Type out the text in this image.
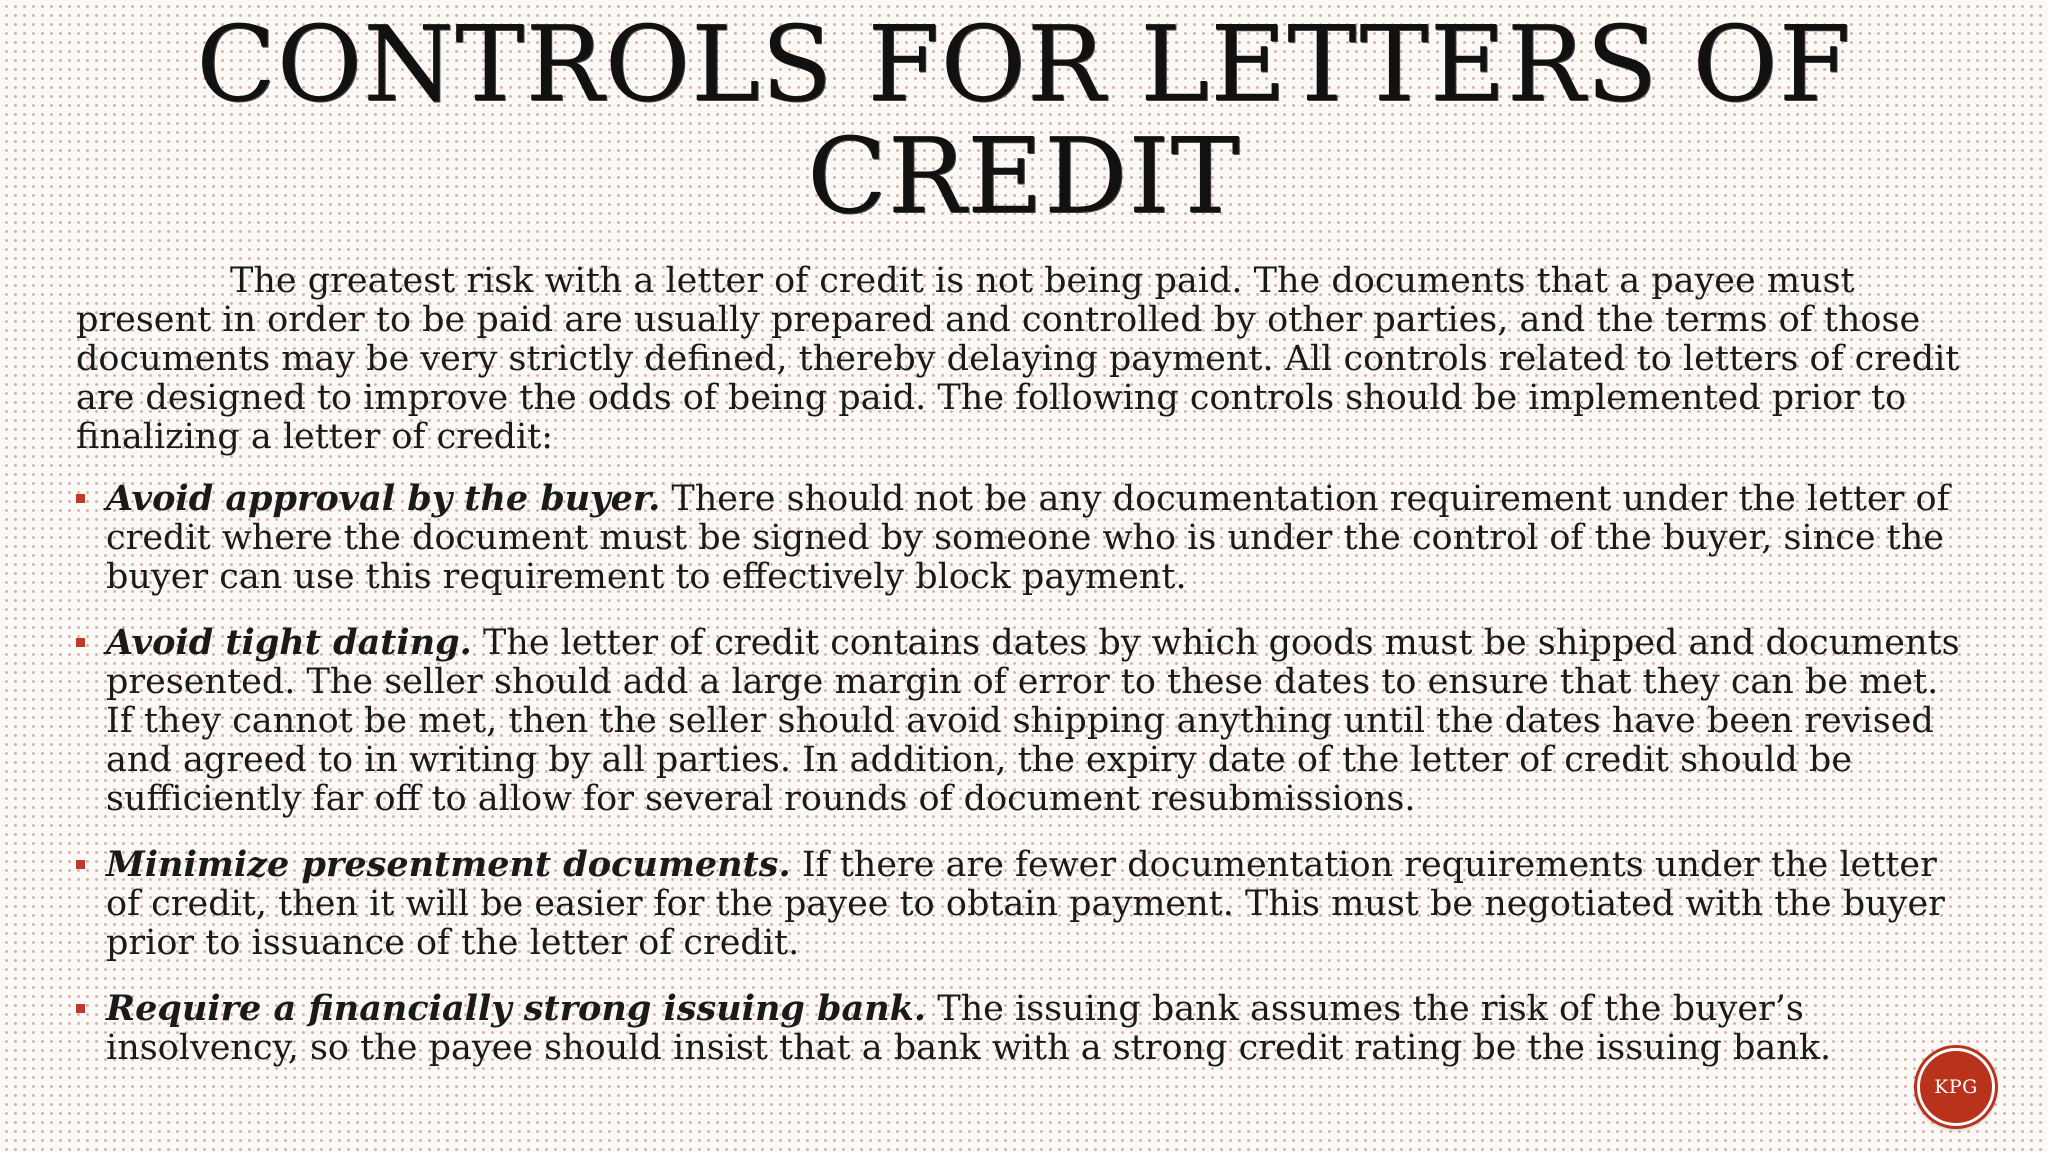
CONTROLS FOR LETTERS OF
CREDIT

The greatest risk with a letter of credit is not being paid. The documents that a payee must present in order to be paid are usually prepared and controlled by other parties, and the terms of those documents may be very strictly defined, thereby delaying payment. All controls related to letters of credit are designed to improve the odds of being paid. The following controls should be implemented prior to finalizing a letter of credit:

Avoid approval by the buyer. There should not be any documentation requirement under the letter of credit where the document must be signed by someone who is under the control of the buyer, since the buyer can use this requirement to effectively block payment.
Avoid tight dating. The letter of credit contains dates by which goods must be shipped and documents presented. The seller should add a large margin of error to these dates to ensure that they can be met. If they cannot be met, then the seller should avoid shipping anything until the dates have been revised and agreed to in writing by all parties. In addition, the expiry date of the letter of credit should be sufficiently far off to allow for several rounds of document resubmissions.
Minimize presentment documents. If there are fewer documentation requirements under the letter of credit, then it will be easier for the payee to obtain payment. This must be negotiated with the buyer prior to issuance of the letter of credit.
Require a financially strong issuing bank. The issuing bank assumes the risk of the buyer’s insolvency, so the payee should insist that a bank with a strong credit rating be the issuing bank.
KPG
